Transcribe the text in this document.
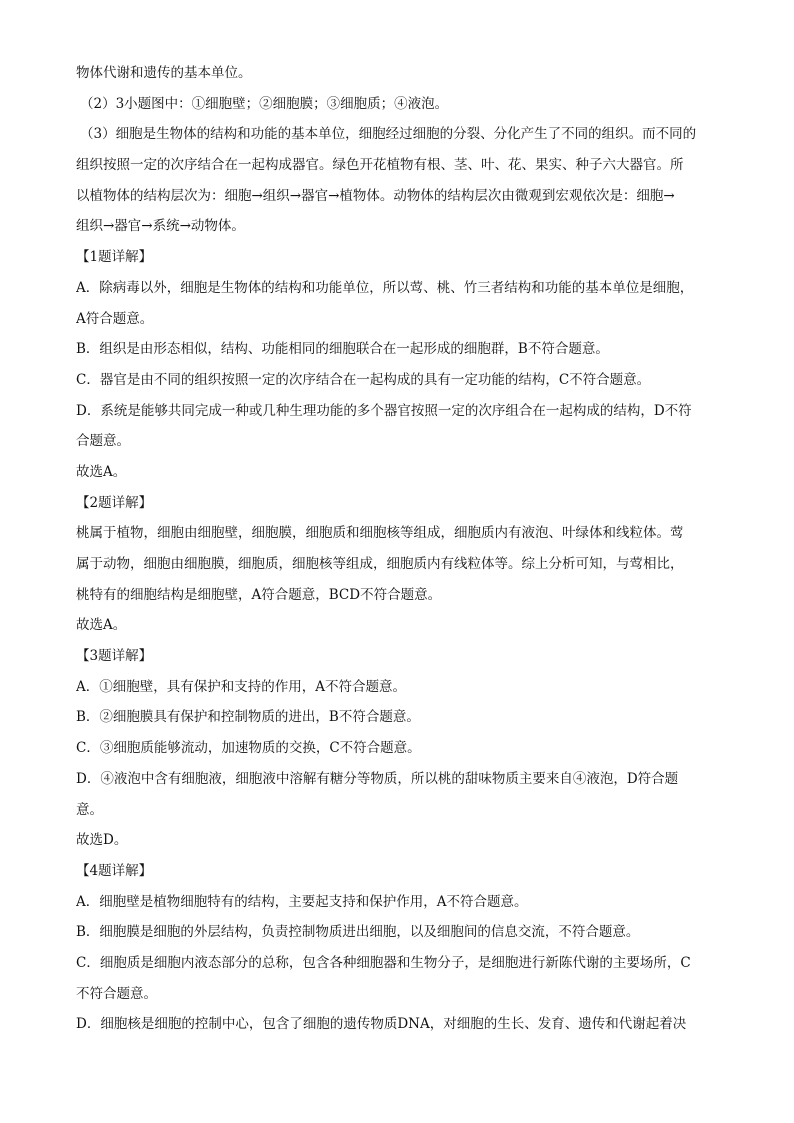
物体代谢和遗传的基本单位。
（2）3小题图中：①细胞壁；②细胞膜；③细胞质；④液泡。
（3）细胞是生物体的结构和功能的基本单位，细胞经过细胞的分裂、分化产生了不同的组织。而不同的
组织按照一定的次序结合在一起构成器官。绿色开花植物有根、茎、叶、花、果实、种子六大器官。所
以植物体的结构层次为：细胞→组织→器官→植物体。动物体的结构层次由微观到宏观依次是：细胞→
组织→器官→系统→动物体。
【1题详解】
A．除病毒以外，细胞是生物体的结构和功能单位，所以莺、桃、竹三者结构和功能的基本单位是细胞，
A符合题意。
B．组织是由形态相似，结构、功能相同的细胞联合在一起形成的细胞群，B不符合题意。
C．器官是由不同的组织按照一定的次序结合在一起构成的具有一定功能的结构，C不符合题意。
D．系统是能够共同完成一种或几种生理功能的多个器官按照一定的次序组合在一起构成的结构，D不符
合题意。
故选A。
【2题详解】
桃属于植物，细胞由细胞壁，细胞膜，细胞质和细胞核等组成，细胞质内有液泡、叶绿体和线粒体。莺
属于动物，细胞由细胞膜，细胞质，细胞核等组成，细胞质内有线粒体等。综上分析可知，与莺相比，
桃特有的细胞结构是细胞壁，A符合题意，BCD不符合题意。
故选A。
【3题详解】
A．①细胞壁，具有保护和支持的作用，A不符合题意。
B．②细胞膜具有保护和控制物质的进出，B不符合题意。
C．③细胞质能够流动，加速物质的交换，C不符合题意。
D．④液泡中含有细胞液，细胞液中溶解有糖分等物质，所以桃的甜味物质主要来自④液泡，D符合题
意。
故选D。
【4题详解】
A．细胞壁是植物细胞特有的结构，主要起支持和保护作用，A不符合题意。
B．细胞膜是细胞的外层结构，负责控制物质进出细胞，以及细胞间的信息交流，不符合题意。
C．细胞质是细胞内液态部分的总称，包含各种细胞器和生物分子，是细胞进行新陈代谢的主要场所，C
不符合题意。
D．细胞核是细胞的控制中心，包含了细胞的遗传物质DNA，对细胞的生长、发育、遗传和代谢起着决
